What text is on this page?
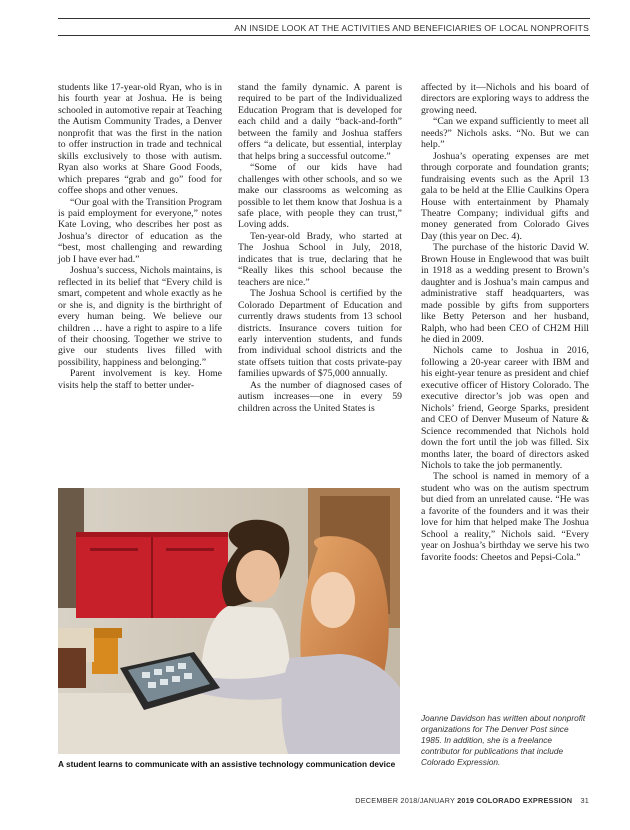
AN INSIDE LOOK AT THE ACTIVITIES AND BENEFICIARIES OF LOCAL NONPROFITS

students like 17-year-old Ryan, who is in his fourth year at Joshua. He is being schooled in automotive repair at Teaching the Autism Community Trades, a Denver nonprofit that was the first in the nation to offer instruction in trade and technical skills exclusively to those with autism. Ryan also works at Share Good Foods, which prepares “grab and go” food for coffee shops and other venues.

“Our goal with the Transition Program is paid employment for everyone,” notes Kate Loving, who describes her post as Joshua’s director of education as the “best, most challenging and rewarding job I have ever had.”

Joshua’s success, Nichols maintains, is reflected in its belief that “Every child is smart, competent and whole exactly as he or she is, and dignity is the birthright of every human being. We believe our children … have a right to aspire to a life of their choosing. Together we strive to give our students lives filled with possibility, happiness and belonging.”

Parent involvement is key. Home visits help the staff to better under-

stand the family dynamic. A parent is required to be part of the Individualized Education Program that is developed for each child and a daily “back-and-forth” between the family and Joshua staffers offers “a delicate, but essential, interplay that helps bring a successful outcome.”

“Some of our kids have had challenges with other schools, and so we make our classrooms as welcoming as possible to let them know that Joshua is a safe place, with people they can trust,” Loving adds.

Ten-year-old Brady, who started at The Joshua School in July, 2018, indicates that is true, declaring that he “Really likes this school because the teachers are nice.”

The Joshua School is certified by the Colorado Department of Education and currently draws students from 13 school districts. Insurance covers tuition for early intervention students, and funds from individual school districts and the state offsets tuition that costs private-pay families upwards of $75,000 annually.

As the number of diagnosed cases of autism increases—one in every 59 children across the United States is

affected by it—Nichols and his board of directors are exploring ways to address the growing need.

“Can we expand sufficiently to meet all needs?” Nichols asks. “No. But we can help.”

Joshua’s operating expenses are met through corporate and foundation grants; fundraising events such as the April 13 gala to be held at the Ellie Caulkins Opera House with entertainment by Phamaly Theatre Company; individual gifts and money generated from Colorado Gives Day (this year on Dec. 4).

The purchase of the historic David W. Brown House in Englewood that was built in 1918 as a wedding present to Brown’s daughter and is Joshua’s main campus and administrative staff headquarters, was made possible by gifts from supporters like Betty Peterson and her husband, Ralph, who had been CEO of CH2M Hill he died in 2009.

Nichols came to Joshua in 2016, following a 20-year career with IBM and his eight-year tenure as president and chief executive officer of History Colorado. The executive director’s job was open and Nichols’ friend, George Sparks, president and CEO of Denver Museum of Nature & Science recommended that Nichols hold down the fort until the job was filled. Six months later, the board of directors asked Nichols to take the job permanently.

The school is named in memory of a student who was on the autism spectrum but died from an unrelated cause. “He was a favorite of the founders and it was their love for him that helped make The Joshua School a reality,” Nichols said. “Every year on Joshua’s birthday we serve his two favorite foods: Cheetos and Pepsi-Cola.”

A student learns to communicate with an assistive technology communication device
Joanne Davidson has written about nonprofit organizations for The Denver Post since 1985. In addition, she is a freelance contributor for publications that include Colorado Expression.
DECEMBER 2018/JANUARY 2019 COLORADO EXPRESSION 31
